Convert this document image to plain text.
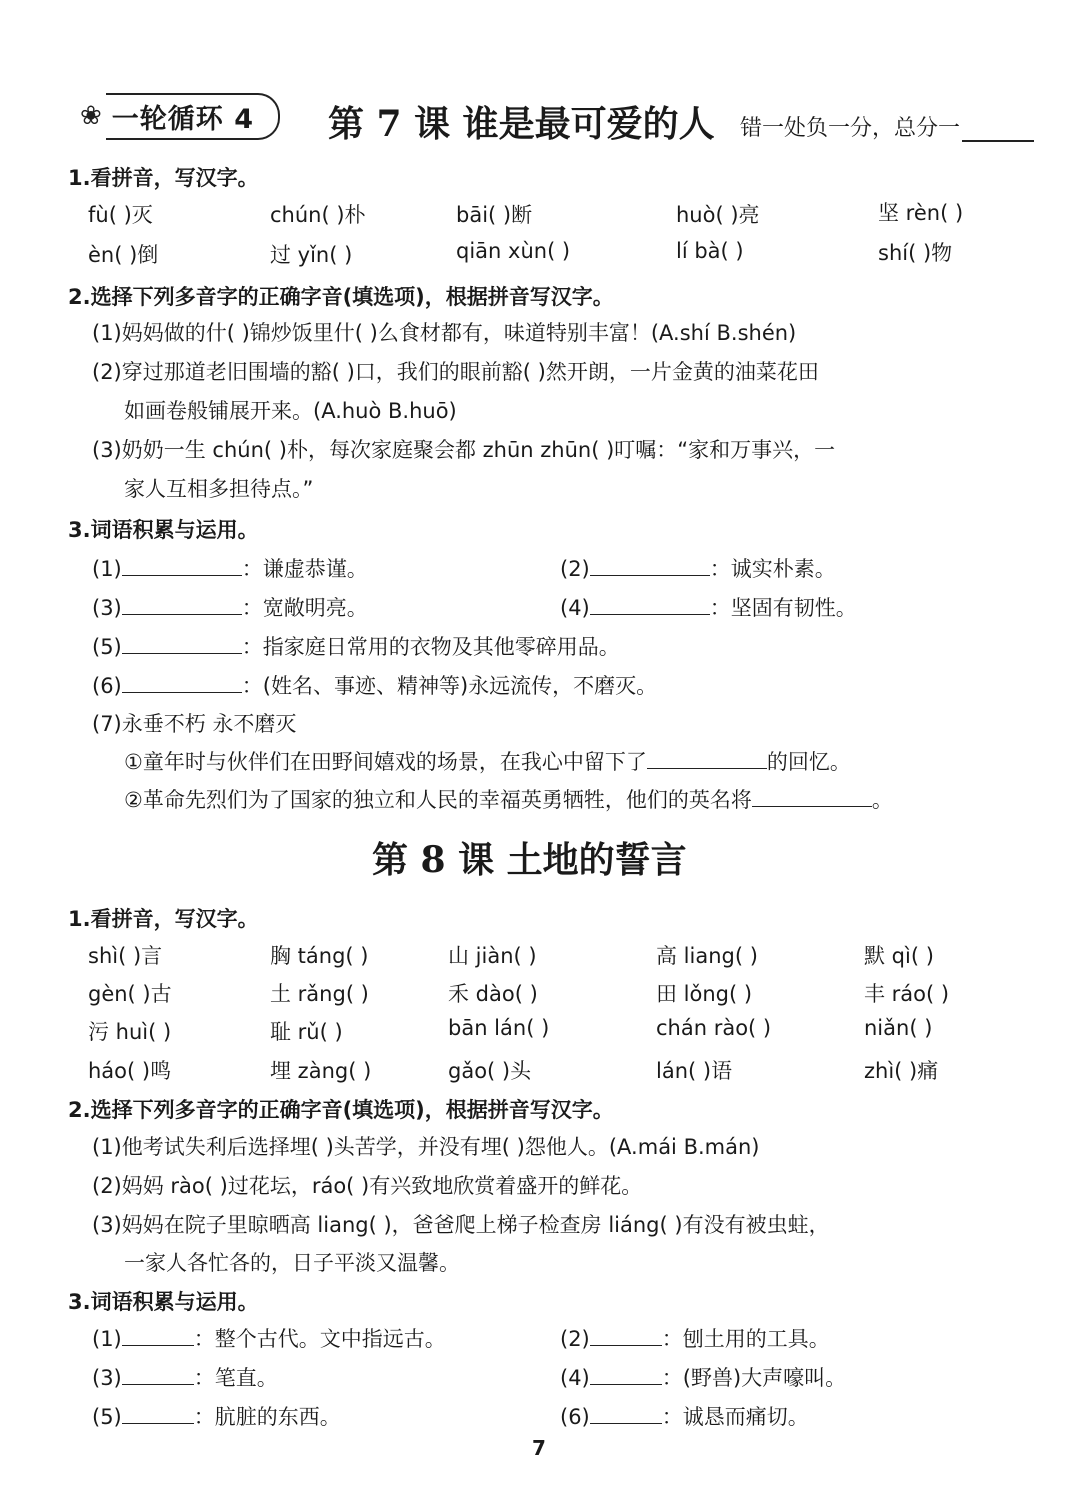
❀ 一轮循环 4	第 7 课 谁是最可爱的人 错一处负一分，总分一
1.看拼音，写汉字。
fù( )灭	chún( )朴	bāi( )断	huò( )亮	坚 rèn( )
èn( )倒	过 yǐn( )	qiān xùn( )	lí bà( )	shí( )物
2.选择下列多音字的正确字音(填选项)，根据拼音写汉字。
(1)妈妈做的什( )锦炒饭里什( )么食材都有，味道特别丰富！(A.shí B.shén)
(2)穿过那道老旧围墙的豁( )口，我们的眼前豁( )然开朗，一片金黄的油菜花田
如画卷般铺展开来。(A.huò B.huō)
(3)奶奶一生 chún( )朴，每次家庭聚会都 zhūn zhūn( )叮嘱：“家和万事兴，一
家人互相多担待点。”
3.词语积累与运用。
(1)	：谦虚恭谨。	(2)	：诚实朴素。
(3)	：宽敞明亮。	(4)	：坚固有韧性。
(5)	：指家庭日常用的衣物及其他零碎用品。
(6)	：(姓名、事迹、精神等)永远流传，不磨灭。
(7)永垂不朽 永不磨灭
①童年时与伙伴们在田野间嬉戏的场景，在我心中留下了	的回忆。
②革命先烈们为了国家的独立和人民的幸福英勇牺牲，他们的英名将	。
第 8 课 土地的誓言
1.看拼音，写汉字。
shì( )言	胸 táng( )	山 jiàn( )	高 liang( )	默 qì( )
gèn( )古	土 rǎng( )	禾 dào( )	田 lǒng( )	丰 ráo( )
污 huì( )	耻 rǔ( )	bān lán( )	chán rào( )	niǎn( )
háo( )鸣	埋 zàng( )	gǎo( )头	lán( )语	zhì( )痛
2.选择下列多音字的正确字音(填选项)，根据拼音写汉字。
(1)他考试失利后选择埋( )头苦学，并没有埋( )怨他人。(A.mái B.mán)
(2)妈妈 rào( )过花坛，ráo( )有兴致地欣赏着盛开的鲜花。
(3)妈妈在院子里晾晒高 liang( )，爸爸爬上梯子检查房 liáng( )有没有被虫蛀，
一家人各忙各的，日子平淡又温馨。
3.词语积累与运用。
(1)	：整个古代。文中指远古。	(2)	：刨土用的工具。
(3)	：笔直。	(4)	：(野兽)大声嚎叫。
(5)	：肮脏的东西。	(6)	：诚恳而痛切。
7
